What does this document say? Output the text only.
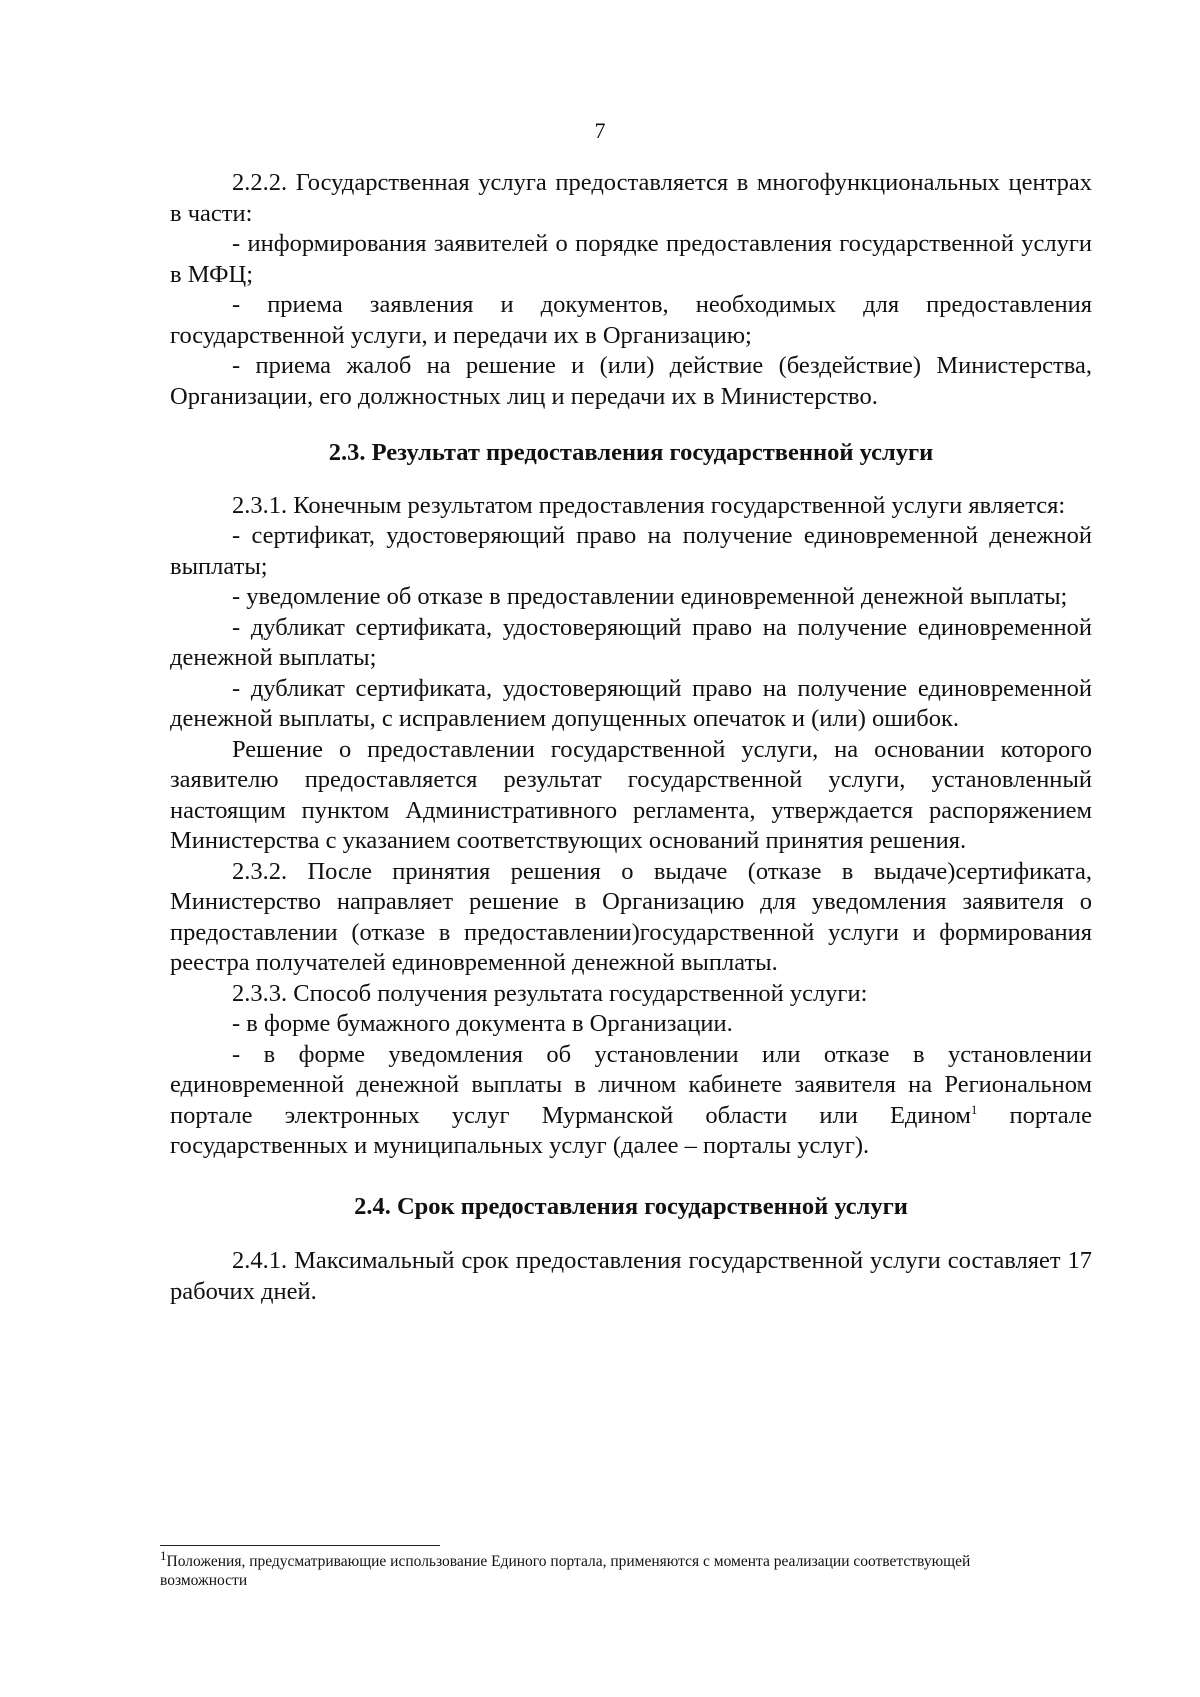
7

2.2.2. Государственная услуга предоставляется в многофункциональных центрах в части:

- информирования заявителей о порядке предоставления государственной услуги в МФЦ;

- приема заявления и документов, необходимых для предоставления государственной услуги, и передачи их в Организацию;

- приема жалоб на решение и (или) действие (бездействие) Министерства, Организации, его должностных лиц и передачи их в Министерство.

2.3. Результат предоставления государственной услуги

2.3.1. Конечным результатом предоставления государственной услуги является:

- сертификат, удостоверяющий право на получение единовременной денежной выплаты;

- уведомление об отказе в предоставлении единовременной денежной выплаты;

- дубликат сертификата, удостоверяющий право на получение единовременной денежной выплаты;

- дубликат сертификата, удостоверяющий право на получение единовременной денежной выплаты, с исправлением допущенных опечаток и (или) ошибок.

Решение о предоставлении государственной услуги, на основании которого заявителю предоставляется результат государственной услуги, установленный настоящим пунктом Административного регламента, утверждается распоряжением Министерства с указанием соответствующих оснований принятия решения.

2.3.2. После принятия решения о выдаче (отказе в выдаче)сертификата, Министерство направляет решение в Организацию для уведомления заявителя о предоставлении (отказе в предоставлении)государственной услуги и формирования реестра получателей единовременной денежной выплаты.

2.3.3. Способ получения результата государственной услуги:

- в форме бумажного документа в Организации.

- в форме уведомления об установлении или отказе в установлении единовременной денежной выплаты в личном кабинете заявителя на Региональном портале электронных услуг Мурманской области или Едином$^1$ портале государственных и муниципальных услуг (далее – порталы услуг).

2.4. Срок предоставления государственной услуги

2.4.1. Максимальный срок предоставления государственной услуги составляет 17 рабочих дней.

$^1$Положения, предусматривающие использование Единого портала, применяются с момента реализации соответствующей возможности
